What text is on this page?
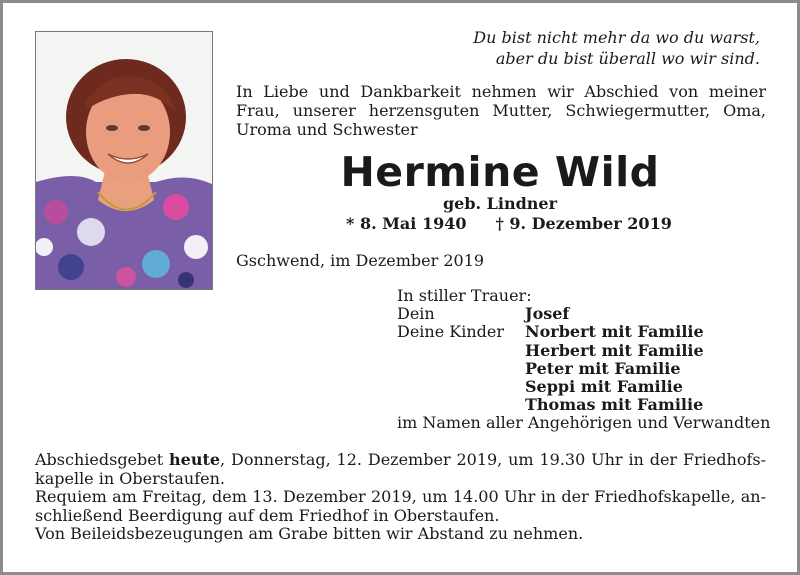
Du bist nicht mehr da wo du warst,
aber du bist überall wo wir sind.
In Liebe und Dankbarkeit nehmen wir Abschied von meiner Frau, unserer herzensguten Mutter, Schwiegermutter, Oma, Uroma und Schwester
Hermine Wild
geb. Lindner
* 8. Mai 1940 † 9. Dezember 2019
Gschwend, im Dezember 2019
In stiller Trauer:
Dein	Josef
Deine Kinder	Norbert mit Familie
Herbert mit Familie
Peter mit Familie
Seppi mit Familie
Thomas mit Familie
im Namen aller Angehörigen und Verwandten

Abschiedsgebet heute, Donnerstag, 12. Dezember 2019, um 19.30 Uhr in der Friedhofs-kapelle in Oberstaufen.

Requiem am Freitag, dem 13. Dezember 2019, um 14.00 Uhr in der Friedhofskapelle, an-schließend Beerdigung auf dem Friedhof in Oberstaufen.

Von Beileidsbezeugungen am Grabe bitten wir Abstand zu nehmen.
